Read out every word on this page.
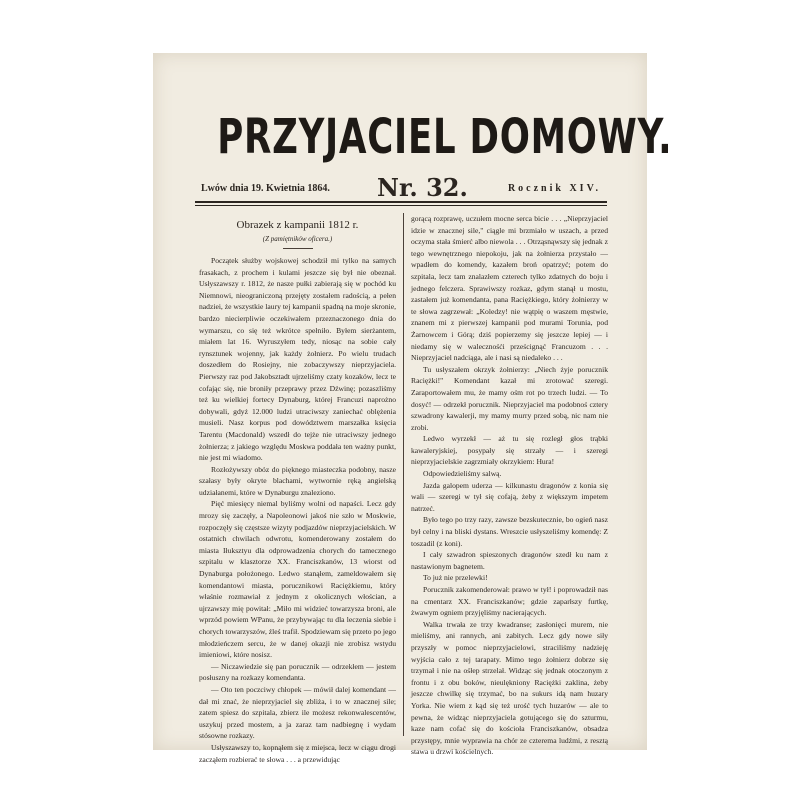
PRZYJACIEL DOMOWY.
Lwów dnia 19. Kwietnia 1864. Nr. 32.	Rocznik XIV.
Obrazek z kampanii 1812 r.
(Z pamiętników oficera.)

Początek służby wojskowej schodził mi tylko na samych frasakach, z prochem i kulami jeszcze się był nie obeznał. Usłyszawszy r. 1812, że nasze pułki zabierają się w pochód ku Niemnowi, nieograniczoną przejęty zostałem radością, a pełen nadziei, że wszystkie laury tej kampanii spadną na moje skronie, bardzo niecierpliwie oczekiwałem przeznaczonego dnia do wymarszu, co się też wkrótce spełniło. Byłem sierżantem, miałem lat 16. Wyruszyłem tedy, niosąc na sobie cały rynsztunek wojenny, jak każdy żołnierz. Po wielu trudach doszedłem do Rosiejny, nie zobaczywszy nieprzyjaciela. Pierwszy raz pod Jakobsztadt ujrzeliśmy czaty kozaków, lecz te cofając się, nie broniły przeprawy przez Dźwinę; pozaszliśmy też ku wielkiej fortecy Dynaburg, której Francuzi naprożno dobywali, gdyż 12.000 ludzi utraciwszy zaniechać oblężenia musieli. Nasz korpus pod dowództwem marszałka księcia Tarentu (Macdonald) wszedł do tejże nie utraciwszy jednego żołnierza; z jakiego względu Moskwa poddała ten ważny punkt, nie jest mi wiadomo.

Rozłożywszy obóz do pięknego miasteczka podobny, nasze szałasy były okryte blachami, wytwornie ręką angielską udziałanemi, które w Dynaburgu znaleziono.

Pięć miesięcy niemal byliśmy wolni od napaści. Lecz gdy mrozy się zaczęły, a Napoleonowi jakoś nie szło w Moskwie, rozpoczęły się częstsze wizyty podjazdów nieprzyjacielskich. W ostatnich chwilach odwrotu, komenderowany zostałem do miasta Iłuksztyu dla odprowadzenia chorych do tamecznego szpitalu w klasztorze XX. Franciszkanów, 13 wiorst od Dynaburga położonego. Ledwo stanąłem, zameldowałem się komendantowi miasta, porucznikowi Raciężkiemu, który właśnie rozmawiał z jednym z okolicznych włościan, a ujrzawszy mię powitał: „Miło mi widzieć towarzysza broni, ale wprzód powiem WPanu, że przybywając tu dla leczenia siebie i chorych towarzyszów, źleś trafił. Spodziewam się przeto po jego młodzieńczem sercu, że w danej okazji nie zrobisz wstydu imieniowi, które nosisz.

— Niczawiedzie się pan porucznik — odrzekłem — jestem posłuszny na rozkazy komendanta.

— Oto ten poczciwy chłopek — mówił dalej komendant — dał mi znać, że nieprzyjaciel się zbliża, i to w znacznej sile; zatem spiesz do szpitala, zbierz ile możesz rekonwalescentów, uszykuj przed mostem, a ja zaraz tam nadbiegnę i wydam stósowne rozkazy.

Usłyszawszy to, kopnąłem się z miejsca, lecz w ciągu drogi zacząłem rozbierać te słowa . . . a przewidując

gorącą rozprawę, uczułem mocne serca bicie . . . „Nieprzyjaciel idzie w znacznej sile," ciągle mi brzmiało w uszach, a przed oczyma stała śmierć albo niewola . . . Otrząsnąwszy się jednak z tego wewnętrznego niepokoju, jak na żołnierza przystało — wpadłem do komendy, kazałem broń opatrzyć; potem do szpitala, lecz tam znalazłem czterech tylko zdatnych do boju i jednego felczera. Sprawiwszy rozkaz, gdym stanął u mostu, zastałem już komendanta, pana Raciężkiego, który żołnierzy w te słowa zagrzewał: „Koledzy! nie wątpię o waszem męstwie, znanem mi z pierwszej kampanii pod murami Torunia, pod Żarnowcem i Górą; dziś popierzemy się jeszcze lepiej — i niedamy się w walecznośći prześcignąć Francuzom . . . Nieprzyjaciel nadciąga, ale i nasi są niedaleko . . .

Tu usłyszałem okrzyk żołnierzy: „Niech żyje porucznik Raciężki!" Komendant kazał mi zrotować szeregi. Zaraportowałem mu, że mamy ośm rot po trzech ludzi. — To dosyć! — odrzekł porucznik. Nieprzyjaciel ma podobnoś cztery szwadrony kawalerji, my mamy murry przed sobą, nic nam nie zrobi.

Ledwo wyrzekł — aż tu się rozległ głos trąbki kawaleryjskiej, posypały się strzały — i szeregi nieprzyjacielskie zagrzmiały okrzykiem: Hura!

Odpowiedzieliśmy salwą.

Jazda galopem uderza — kilkunastu dragonów z konia się wali — szeregi w tył się cofają, żeby z większym impetem natrzeć.

Było tego po trzy razy, zawsze bezskutecznie, bo ogień nasz był celny i na bliski dystans. Wreszcie usłyszeliśmy komendę: Z toszadil (z koni).

I cały szwadron spieszonych dragonów szedł ku nam z nastawionym bagnetem.

To już nie przelewki!

Porucznik zakomenderował: prawo w tył! i poprowadził nas na cmentarz XX. Franciszkanów; gdzie zaparłszy furtkę, żwawym ogniem przyjęliśmy nacierających.

Walka trwała ze trzy kwadranse; zasłonięci murem, nie mieliśmy, ani rannych, ani zabitych. Lecz gdy nowe siły przyszły w pomoc nieprzyjacielowi, straciliśmy nadzieję wyjścia cało z tej tarapaty. Mimo tego żołnierz dobrze się trzymał i nie na ośłep strzelał. Widząc się jednak otoczonym z frontu i z obu boków, nieulękniony Raciężki zaklina, żeby jeszcze chwilkę się trzymać, bo na sukurs idą nam huzary Yorka. Nie wiem z kąd się też urość tych huzarów — ale to pewna, że widząc nieprzyjaciela gotującego się do szturmu, kaze nam cofać się do kościoła Franciszkanów, obsadza przystępy, mnie wyprawia na chór ze czterema ludźmi, z resztą stawa u drzwi kościelnych.
